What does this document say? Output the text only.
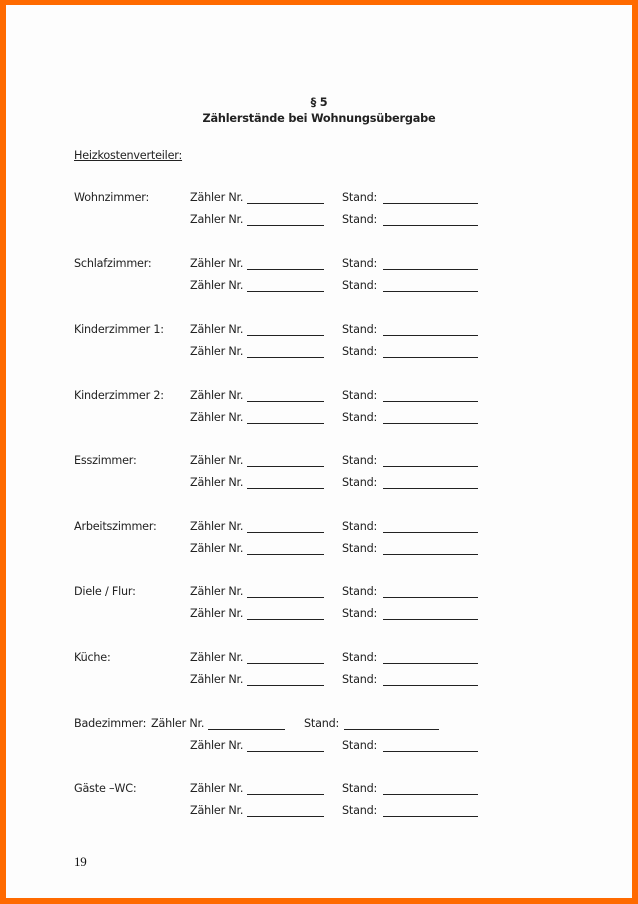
§ 5
Zählerstände bei Wohnungsübergabe
Heizkostenverteiler:
Wohnzimmer:	Zähler Nr.	Stand:
Zahler Nr.	Stand:
Schlafzimmer:	Zähler Nr.	Stand:
Zähler Nr.	Stand:
Kinderzimmer 1: Zähler Nr.	Stand:
Zähler Nr.	Stand:
Kinderzimmer 2: Zähler Nr.	Stand:
Zähler Nr.	Stand:
Esszimmer:	Zähler Nr.	Stand:
Zähler Nr.	Stand:
Arbeitszimmer:	Zähler Nr.	Stand:
Zähler Nr.	Stand:
Diele / Flur:	Zähler Nr.	Stand:
Zähler Nr.	Stand:
Küche:	Zähler Nr.	Stand:
Zähler Nr.	Stand:
Badezimmer: Zähler Nr.	Stand:
Zähler Nr.	Stand:
Gäste –WC:	Zähler Nr.	Stand:
Zähler Nr.	Stand:
19
